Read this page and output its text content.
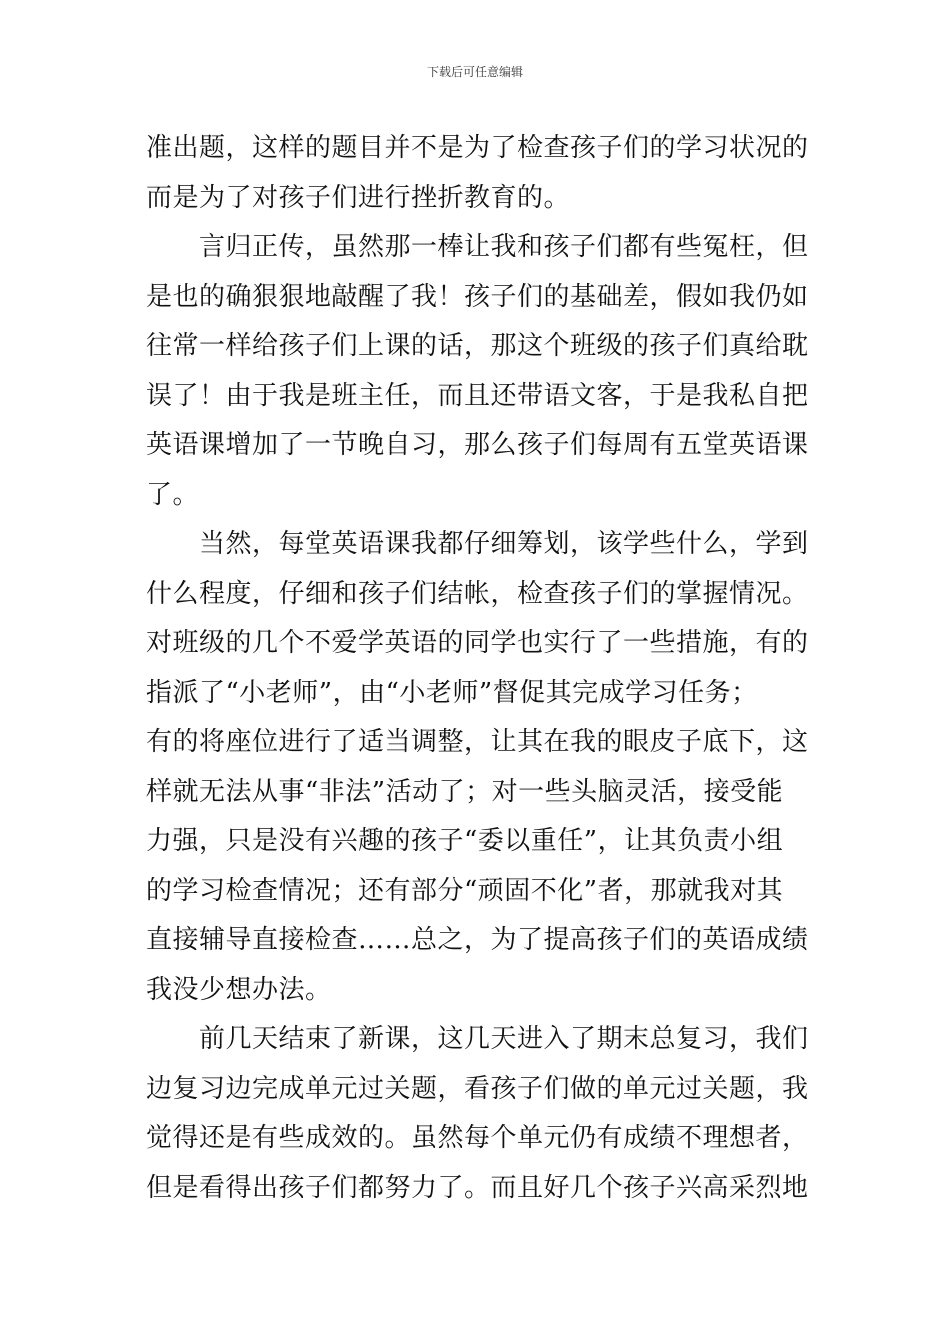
下载后可任意编辑
准出题，这样的题目并不是为了检查孩子们的学习状况的
而是为了对孩子们进行挫折教育的。
　　言归正传，虽然那一棒让我和孩子们都有些冤枉，但
是也的确狠狠地敲醒了我！孩子们的基础差，假如我仍如
往常一样给孩子们上课的话，那这个班级的孩子们真给耽
误了！由于我是班主任，而且还带语文客，于是我私自把
英语课增加了一节晚自习，那么孩子们每周有五堂英语课
了。
　　当然，每堂英语课我都仔细筹划，该学些什么，学到
什么程度，仔细和孩子们结帐，检查孩子们的掌握情况。
对班级的几个不爱学英语的同学也实行了一些措施，有的
指派了“小老师”，由“小老师”督促其完成学习任务；
有的将座位进行了适当调整，让其在我的眼皮子底下，这
样就无法从事“非法”活动了；对一些头脑灵活，接受能
力强，只是没有兴趣的孩子“委以重任”，让其负责小组
的学习检查情况；还有部分“顽固不化”者，那就我对其
直接辅导直接检查……总之，为了提高孩子们的英语成绩
我没少想办法。
　　前几天结束了新课，这几天进入了期末总复习，我们
边复习边完成单元过关题，看孩子们做的单元过关题，我
觉得还是有些成效的。虽然每个单元仍有成绩不理想者，
但是看得出孩子们都努力了。而且好几个孩子兴高采烈地
